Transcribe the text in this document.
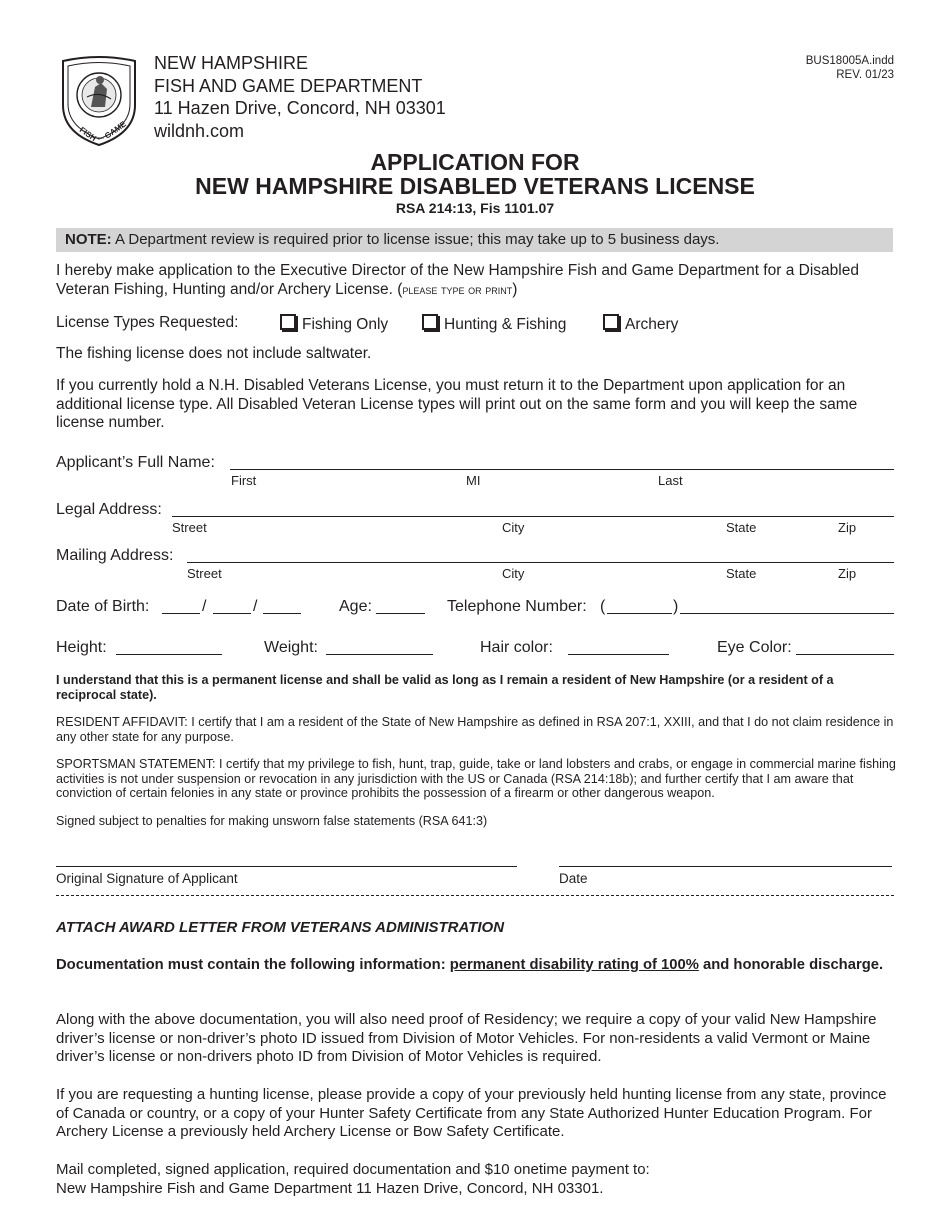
FISH and GAME
NEW HAMPSHIRE
FISH AND GAME DEPARTMENT
11 Hazen Drive, Concord, NH 03301
wildnh.com
BUS18005A.indd
REV. 01/23
APPLICATION FOR
NEW HAMPSHIRE DISABLED VETERANS LICENSE
RSA 214:13, Fis 1101.07
NOTE: A Department review is required prior to license issue; this may take up to 5 business days.
I hereby make application to the Executive Director of the New Hampshire Fish and Game Department for a Disabled Veteran Fishing, Hunting and/or Archery License. (please type or print)
License Types Requested:	Fishing Only	Hunting & Fishing	Archery
The fishing license does not include saltwater.
If you currently hold a N.H. Disabled Veterans License, you must return it to the Department upon application for an additional license type. All Disabled Veteran License types will print out on the same form and you will keep the same license number.
Applicant’s Full Name:
First	MI	Last
Legal Address:
Street	City	State	Zip
Mailing Address:
Street	City	State	Zip
Date of Birth:	/	/	Age:	Telephone Number: (	)
Height:	Weight:	Hair color:	Eye Color:
I understand that this is a permanent license and shall be valid as long as I remain a resident of New Hampshire (or a resident of a reciprocal state).
RESIDENT AFFIDAVIT: I certify that I am a resident of the State of New Hampshire as defined in RSA 207:1, XXIII, and that I do not claim residence in any other state for any purpose.
SPORTSMAN STATEMENT: I certify that my privilege to fish, hunt, trap, guide, take or land lobsters and crabs, or engage in commercial marine fishing activities is not under suspension or revocation in any jurisdiction with the US or Canada (RSA 214:18b); and further certify that I am aware that conviction of certain felonies in any state or province prohibits the possession of a firearm or other dangerous weapon.
Signed subject to penalties for making unsworn false statements (RSA 641:3)
Original Signature of Applicant	Date
ATTACH AWARD LETTER FROM VETERANS ADMINISTRATION
Documentation must contain the following information: permanent disability rating of 100% and honorable discharge.
Along with the above documentation, you will also need proof of Residency; we require a copy of your valid New Hampshire driver’s license or non-driver’s photo ID issued from Division of Motor Vehicles. For non-residents a valid Vermont or Maine driver’s license or non-drivers photo ID from Division of Motor Vehicles is required.
If you are requesting a hunting license, please provide a copy of your previously held hunting license from any state, province of Canada or country, or a copy of your Hunter Safety Certificate from any State Authorized Hunter Education Program. For Archery License a previously held Archery License or Bow Safety Certificate.
Mail completed, signed application, required documentation and $10 onetime payment to:
New Hampshire Fish and Game Department 11 Hazen Drive, Concord, NH 03301.
